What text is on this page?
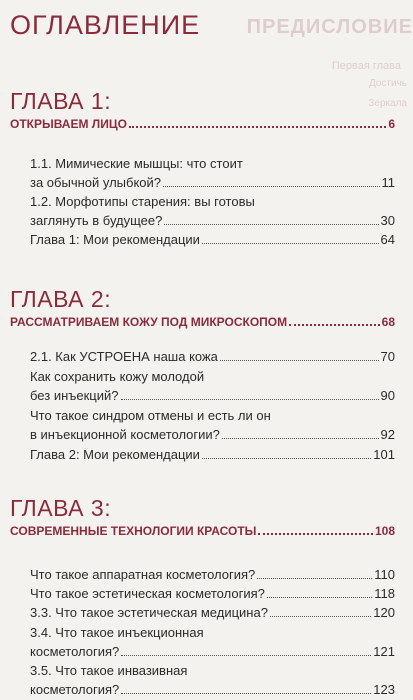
ПРЕДИСЛОВИЕ
Первая глава
Достичь
Зеркала
ОГЛАВЛЕНИЕ
ГЛАВА 1:
ОТКРЫВАЕМ ЛИЦО	6
1.1. Мимические мышцы: что стоит
за обычной улыбкой?	11
1.2. Морфотипы старения: вы готовы
заглянуть в будущее?	30
Глава 1: Мои рекомендации	64
ГЛАВА 2:
РАССМАТРИВАЕМ КОЖУ ПОД МИКРОСКОПОМ	68
2.1. Как УСТРОЕНА наша кожа	70
Как сохранить кожу молодой
без инъекций?	90
Что такое синдром отмены и есть ли он
в инъекционной косметологии?	92
Глава 2: Мои рекомендации	101
ГЛАВА 3:
СОВРЕМЕННЫЕ ТЕХНОЛОГИИ КРАСОТЫ	108
Что такое аппаратная косметология?	110
Что такое эстетическая косметология?	118
3.3. Что такое эстетическая медицина?	120
3.4. Что такое инъекционная
косметология?	121
3.5. Что такое инвазивная
косметология?	123
